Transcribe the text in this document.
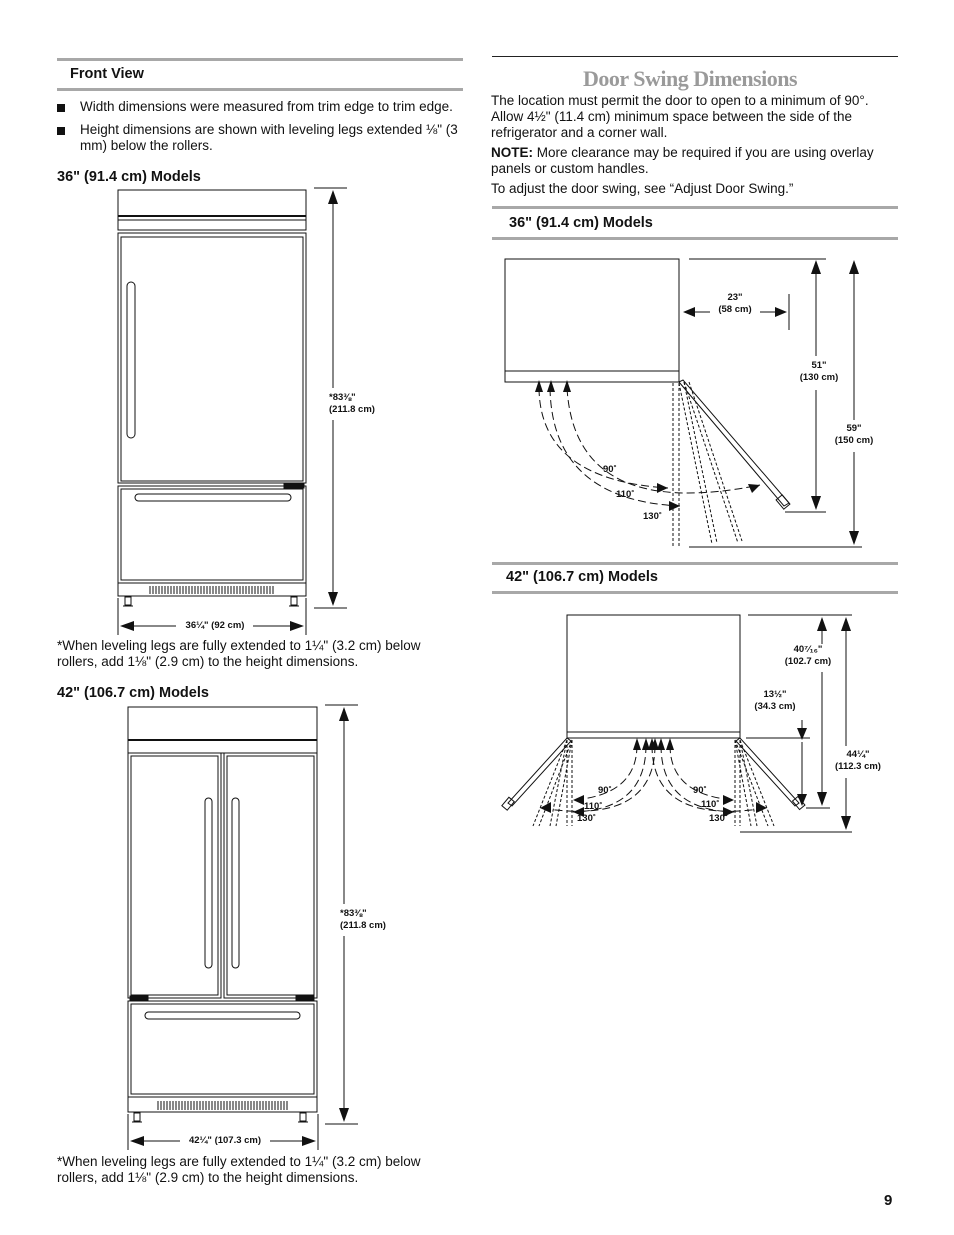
Front View
Width dimensions were measured from trim edge to trim edge.
Height dimensions are shown with leveling legs extended ⅛" (3 mm) below the rollers.
36" (91.4 cm) Models
*83⅜"
(211.8 cm)
36¼" (92 cm)
*When leveling legs are fully extended to 1¼" (3.2 cm) below rollers, add 1⅛" (2.9 cm) to the height dimensions.
42" (106.7 cm) Models
*83⅜"
(211.8 cm)
42¼" (107.3 cm)
*When leveling legs are fully extended to 1¼" (3.2 cm) below rollers, add 1⅛" (2.9 cm) to the height dimensions.
Door Swing Dimensions
The location must permit the door to open to a minimum of 90°. Allow 4½" (11.4 cm) minimum space between the side of the refrigerator and a corner wall.
NOTE: More clearance may be required if you are using overlay panels or custom handles.
To adjust the door swing, see “Adjust Door Swing.”
36" (91.4 cm) Models
23"
(58 cm)
51"
(130 cm)
59"
(150 cm)
90˚
110˚
130˚
42" (106.7 cm) Models
40⁷⁄₁₆"
(102.7 cm)
13½"
(34.3 cm)
44¼"
(112.3 cm)
90˚
110˚
130˚
90˚
110˚
130˚
9
